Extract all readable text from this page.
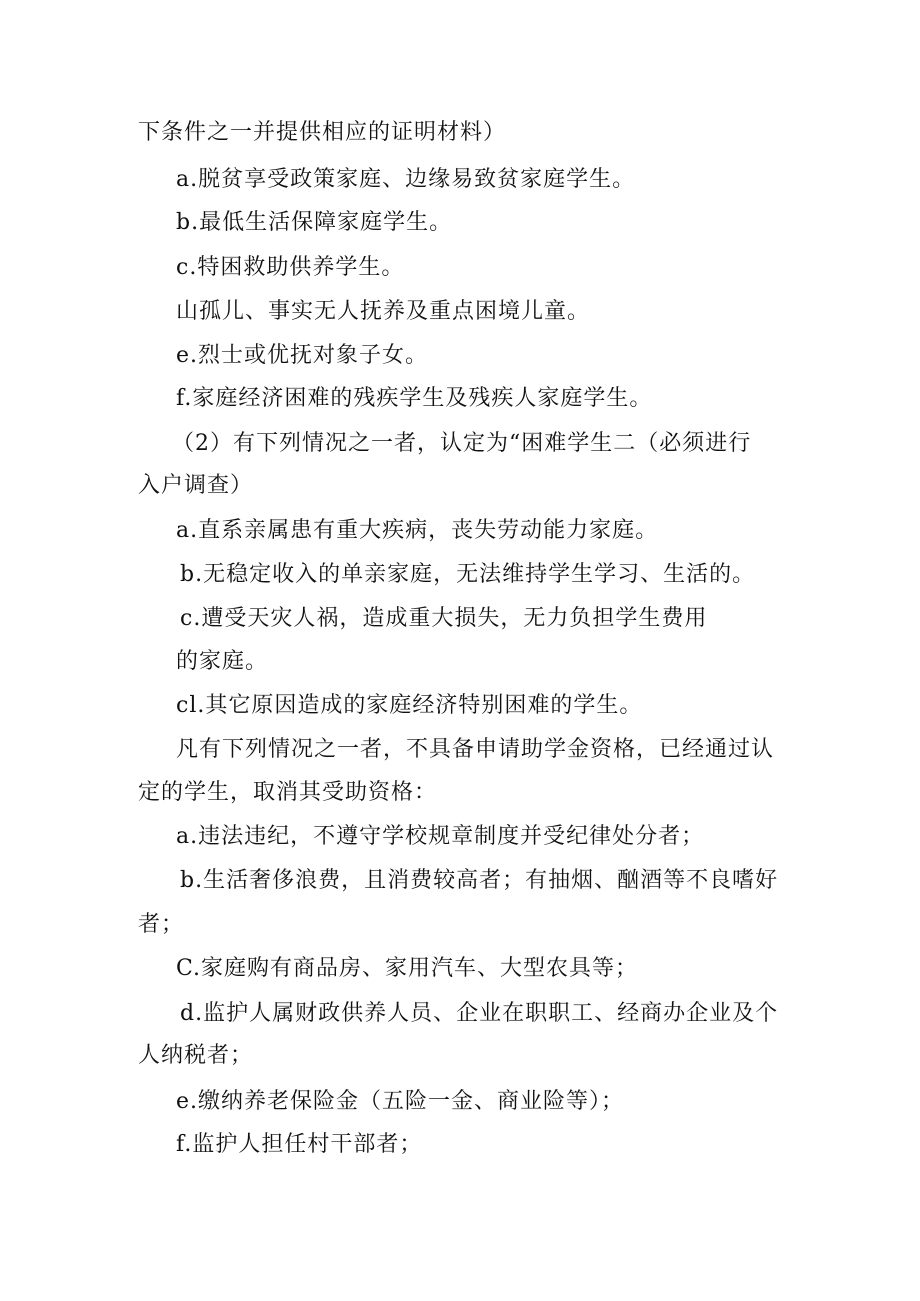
下条件之一并提供相应的证明材料）
a.脱贫享受政策家庭、边缘易致贫家庭学生。
b.最低生活保障家庭学生。
c.特困救助供养学生。
山孤儿、事实无人抚养及重点困境儿童。
e.烈士或优抚对象子女。
f.家庭经济困难的残疾学生及残疾人家庭学生。
（2）有下列情况之一者，认定为“困难学生二（必须进行
入户调查）
a.直系亲属患有重大疾病，丧失劳动能力家庭。
b.无稳定收入的单亲家庭，无法维持学生学习、生活的。
c.遭受天灾人祸，造成重大损失，无力负担学生费用
的家庭。
cl.其它原因造成的家庭经济特别困难的学生。
凡有下列情况之一者，不具备申请助学金资格，已经通过认
定的学生，取消其受助资格：
a.违法违纪，不遵守学校规章制度并受纪律处分者；
b.生活奢侈浪费，且消费较高者；有抽烟、酗酒等不良嗜好
者；
C.家庭购有商品房、家用汽车、大型农具等；
d.监护人属财政供养人员、企业在职职工、经商办企业及个
人纳税者；
e.缴纳养老保险金（五险一金、商业险等）；
f.监护人担任村干部者；
